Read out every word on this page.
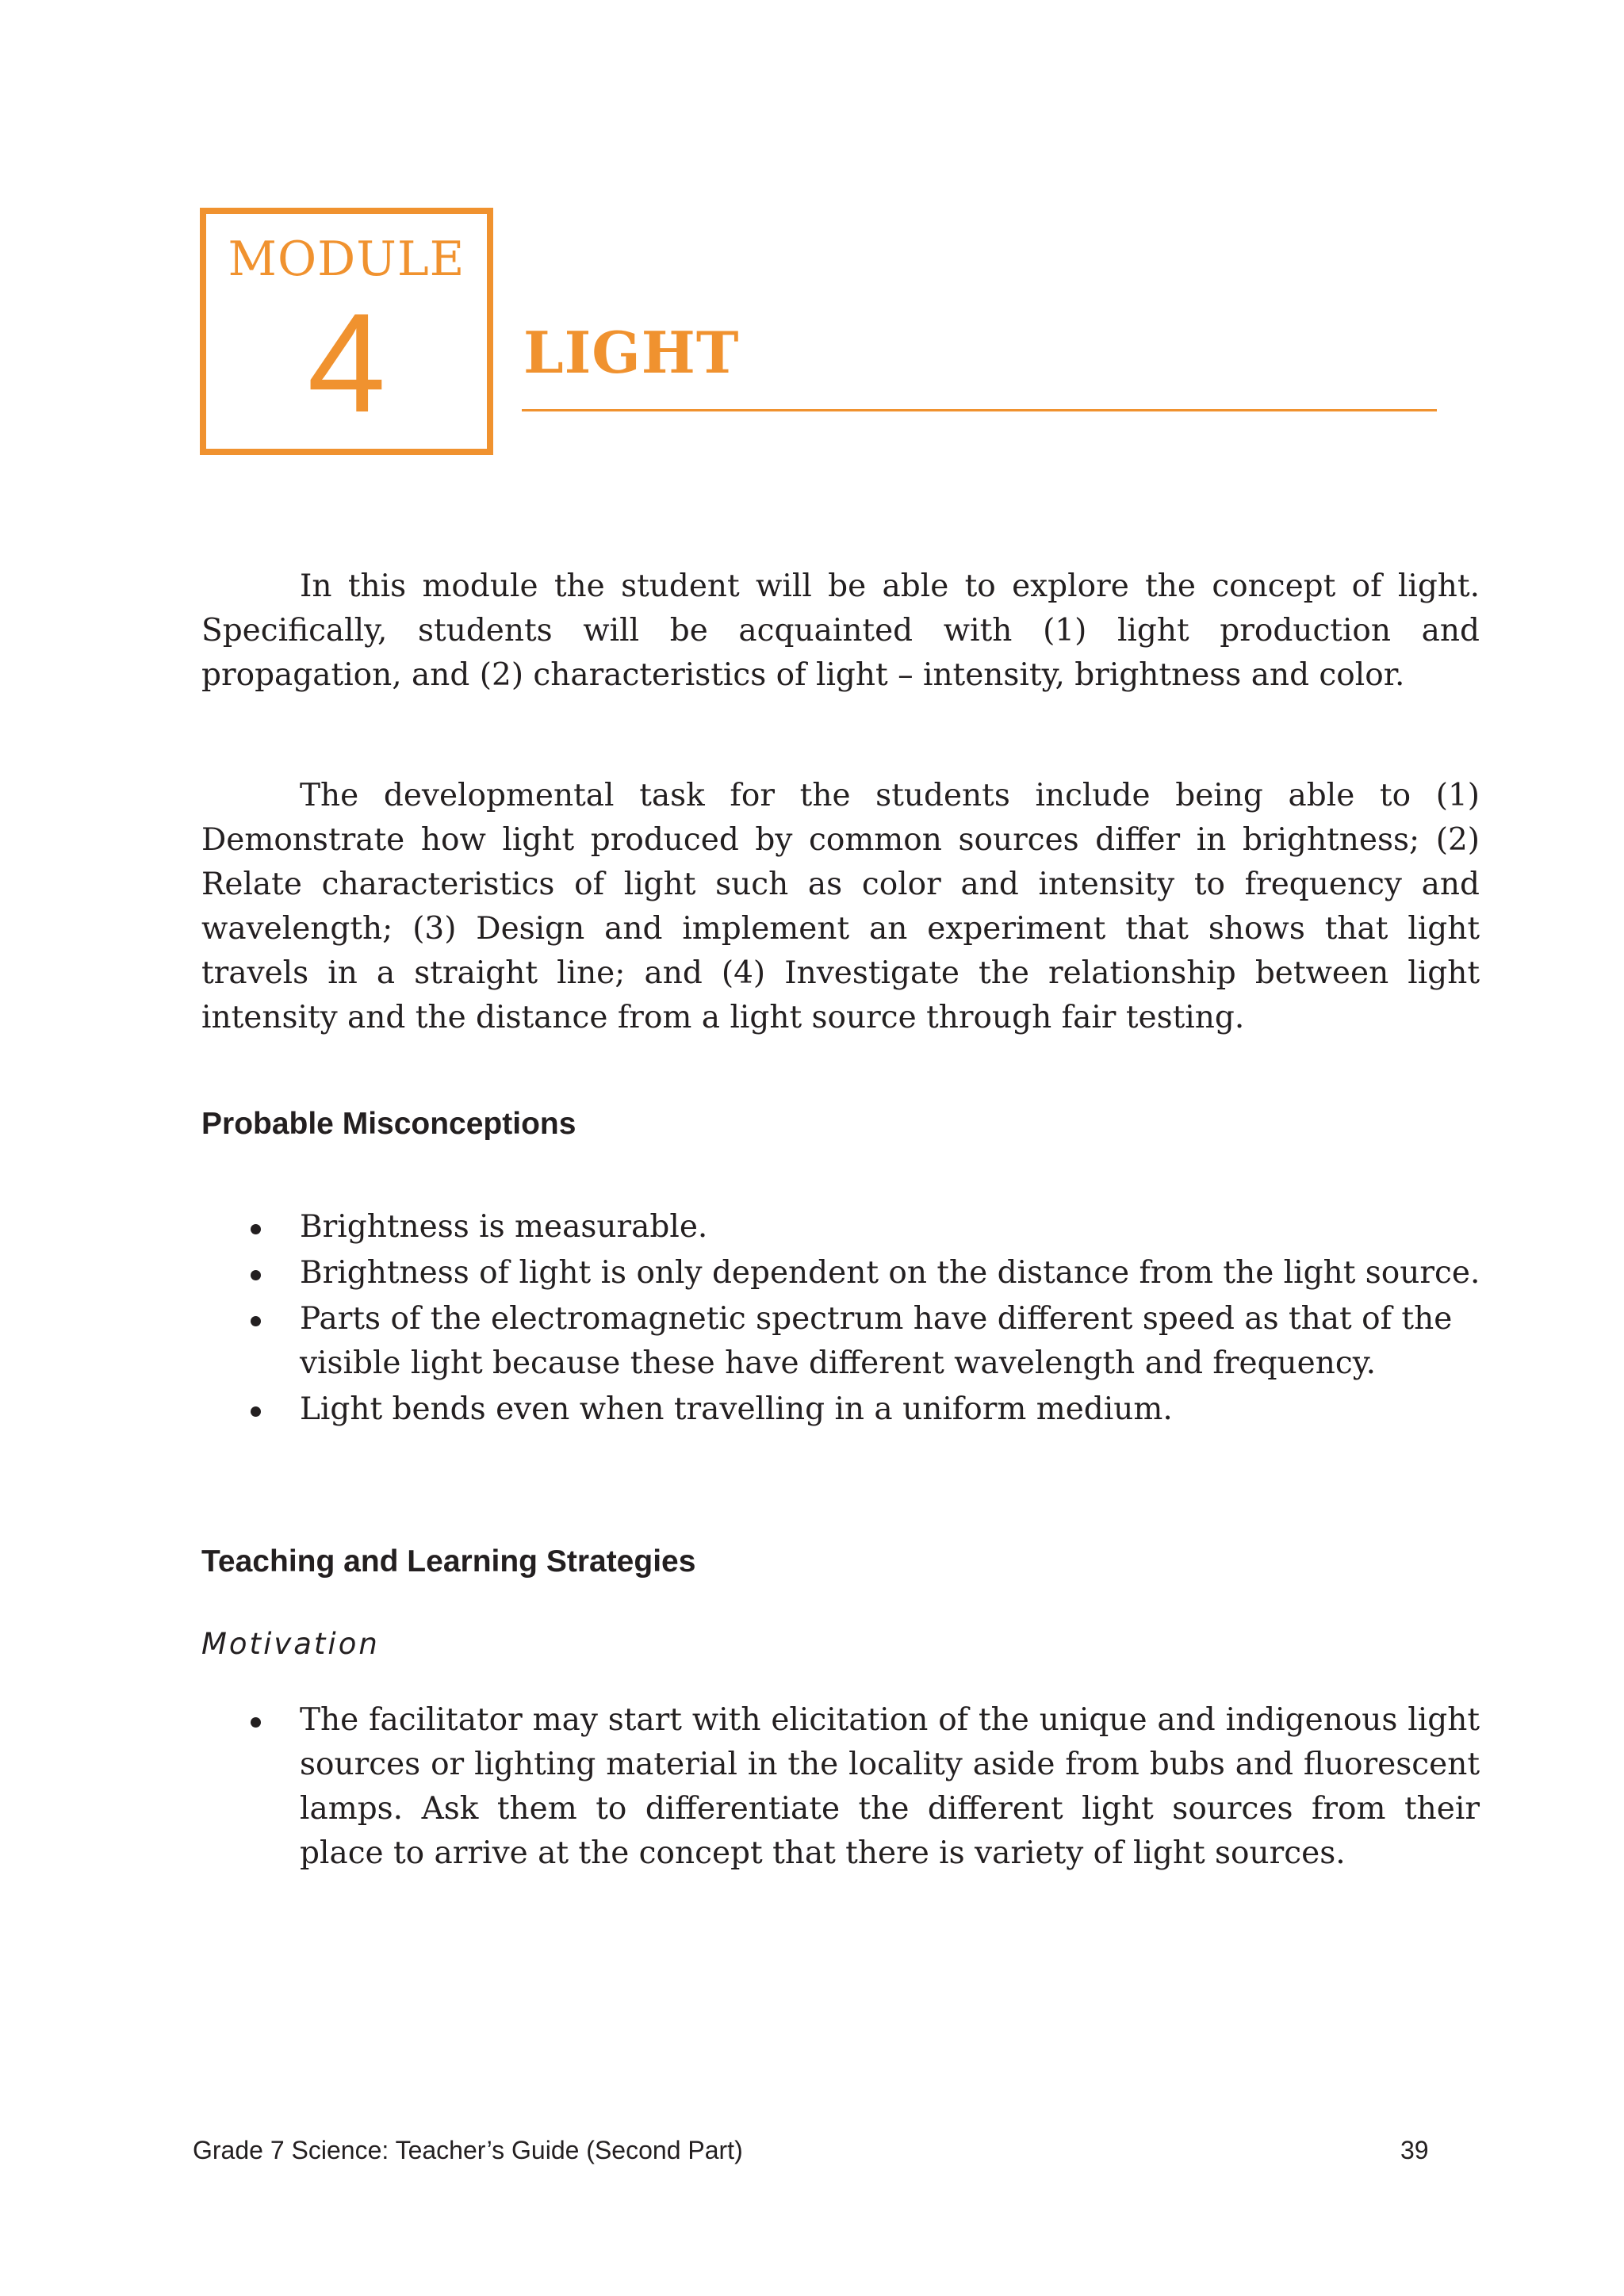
MODULE
4	LIGHT

In this module the student will be able to explore the concept of light. Specifically, students will be acquainted with (1) light production and propagation, and (2) characteristics of light – intensity, brightness and color.

The developmental task for the students include being able to (1) Demonstrate how light produced by common sources differ in brightness; (2) Relate characteristics of light such as color and intensity to frequency and wavelength; (3) Design and implement an experiment that shows that light travels in a straight line; and (4) Investigate the relationship between light intensity and the distance from a light source through fair testing.

Probable Misconceptions
Brightness is measurable.
Brightness of light is only dependent on the distance from the light source.
Parts of the electromagnetic spectrum have different speed as that of the visible light because these have different wavelength and frequency.
Light bends even when travelling in a uniform medium.
Teaching and Learning Strategies
Motivation
The facilitator may start with elicitation of the unique and indigenous light sources or lighting material in the locality aside from bubs and fluorescent lamps. Ask them to differentiate the different light sources from their place to arrive at the concept that there is variety of light sources.
Grade 7 Science: Teacher’s Guide (Second Part)	39
